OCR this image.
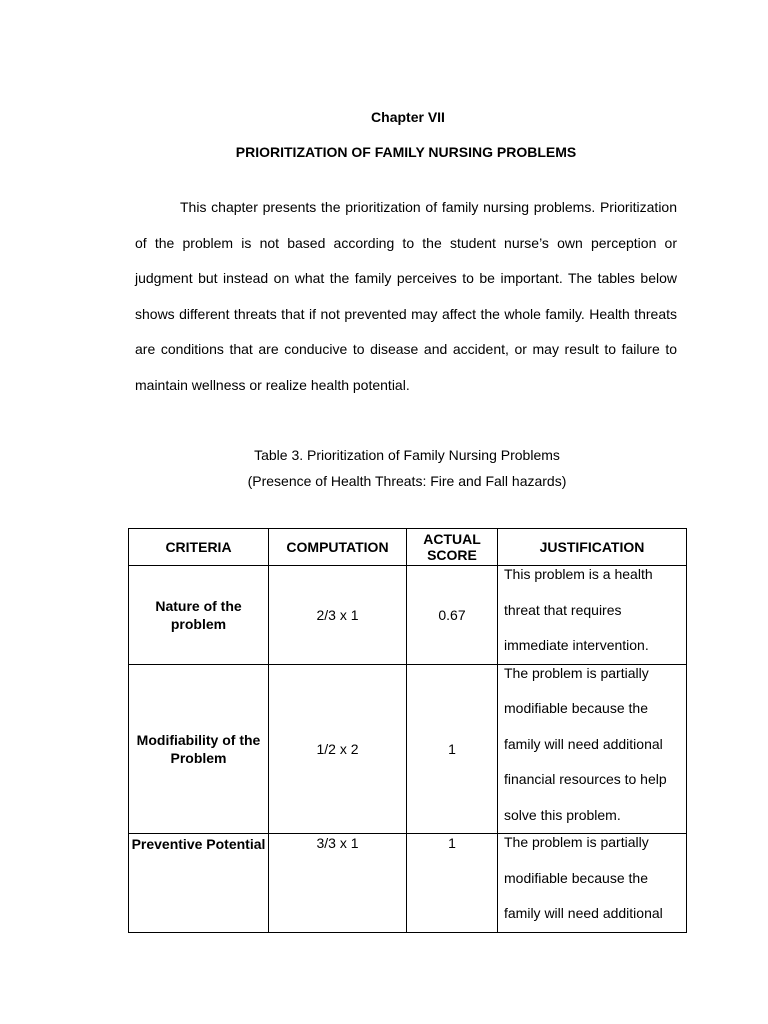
Chapter VII
PRIORITIZATION OF FAMILY NURSING PROBLEMS

This chapter presents the prioritization of family nursing problems. Prioritization of the problem is not based according to the student nurse’s own perception or judgment but instead on what the family perceives to be important. The tables below shows different threats that if not prevented may affect the whole family. Health threats are conditions that are conducive to disease and accident, or may result to failure to maintain wellness or realize health potential.

Table 3. Prioritization of Family Nursing Problems
(Presence of Health Threats: Fire and Fall hazards)
CRITERIA	COMPUTATION	ACTUAL SCORE	JUSTIFICATION
Nature of the problem	2/3 x 1	0.67	This problem is a health threat that requires immediate intervention.

Modifiability of the Problem	1/2 x 2	1	The problem is partially modifiable because the family will need additional financial resources to help solve this problem.

Preventive Potential	3/3 x 1	1	The problem is partially modifiable because the family will need additional
